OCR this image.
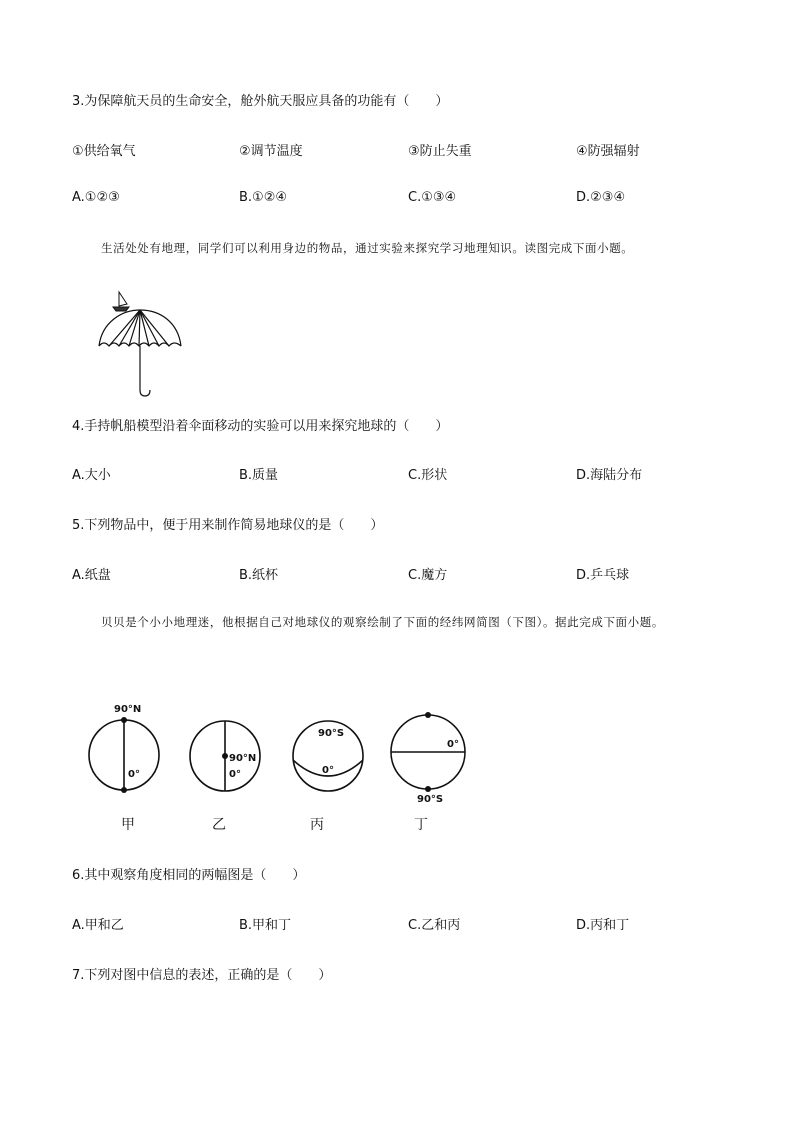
3.为保障航天员的生命安全，舱外航天服应具备的功能有（　　）
①供给氧气	②调节温度	③防止失重	④防强辐射
A.①②③	B.①②④	C.①③④	D.②③④
生活处处有地理，同学们可以利用身边的物品，通过实验来探究学习地理知识。读图完成下面小题。
4.手持帆船模型沿着伞面移动的实验可以用来探究地球的（　　）
A.大小	B.质量	C.形状	D.海陆分布
5.下列物品中，便于用来制作简易地球仪的是（　　）
A.纸盘	B.纸杯	C.魔方	D.乒乓球
贝贝是个小小地理迷，他根据自己对地球仪的观察绘制了下面的经纬网简图（下图）。据此完成下面小题。
90°N
0°
90°N
0°
90°S
0°
0°
90°S
甲	乙	丙	丁
6.其中观察角度相同的两幅图是（　　）
A.甲和乙	B.甲和丁	C.乙和丙	D.丙和丁
7.下列对图中信息的表述，正确的是（　　）
